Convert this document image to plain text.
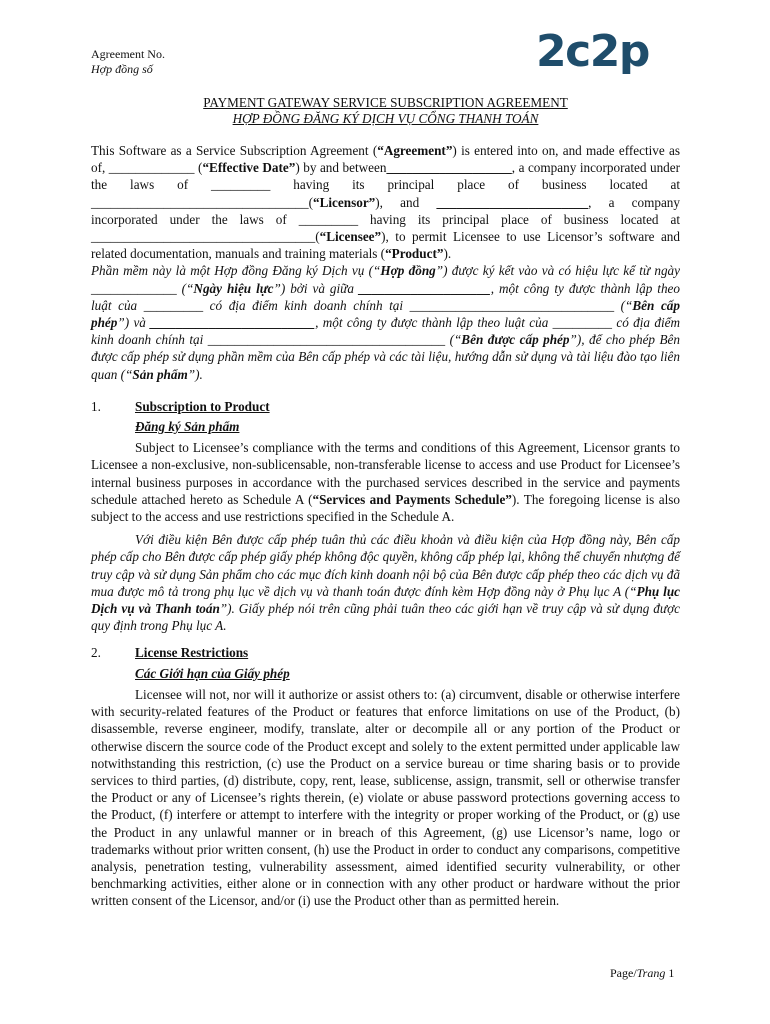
Agreement No.
Hợp đồng số	2c2p
PAYMENT GATEWAY SERVICE SUBSCRIPTION AGREEMENT
HỢP ĐỒNG ĐĂNG KÝ DỊCH VỤ CỔNG THANH TOÁN

This Software as a Service Subscription Agreement (“Agreement”) is entered into on, and made effective as of, _____________ (“Effective Date”) by and between___________________, a company incorporated under the laws of _________ having its principal place of business located at _________________________________(“Licensor”), and _______________________, a company incorporated under the laws of _________ having its principal place of business located at __________________________________(“Licensee”), to permit Licensee to use Licensor’s software and related documentation, manuals and training materials (“Product”).

Phần mềm này là một Hợp đồng Đăng ký Dịch vụ (“Hợp đồng”) được ký kết vào và có hiệu lực kể từ ngày _____________ (“Ngày hiệu lực”) bởi và giữa ____________________, một công ty được thành lập theo luật của _________ có địa điểm kinh doanh chính tại _______________________________ (“Bên cấp phép”) và _________________________, một công ty được thành lập theo luật của _________ có địa điểm kinh doanh chính tại ____________________________________ (“Bên được cấp phép”), để cho phép Bên được cấp phép sử dụng phần mềm của Bên cấp phép và các tài liệu, hướng dẫn sử dụng và tài liệu đào tạo liên quan (“Sản phẩm”).

1.	Subscription to Product
Đăng ký Sản phẩm

Subject to Licensee’s compliance with the terms and conditions of this Agreement, Licensor grants to Licensee a non-exclusive, non-sublicensable, non-transferable license to access and use Product for Licensee’s internal business purposes in accordance with the purchased services described in the service and payments schedule attached hereto as Schedule A (“Services and Payments Schedule”). The foregoing license is also subject to the access and use restrictions specified in the Schedule A.

Với điều kiện Bên được cấp phép tuân thủ các điều khoản và điều kiện của Hợp đồng này, Bên cấp phép cấp cho Bên được cấp phép giấy phép không độc quyền, không cấp phép lại, không thể chuyển nhượng để truy cập và sử dụng Sản phẩm cho các mục đích kinh doanh nội bộ của Bên được cấp phép theo các dịch vụ đã mua được mô tả trong phụ lục về dịch vụ và thanh toán được đính kèm Hợp đồng này ở Phụ lục A (“Phụ lục Dịch vụ và Thanh toán”). Giấy phép nói trên cũng phải tuân theo các giới hạn về truy cập và sử dụng được quy định trong Phụ lục A.

2.	License Restrictions
Các Giới hạn của Giấy phép

Licensee will not, nor will it authorize or assist others to: (a) circumvent, disable or otherwise interfere with security-related features of the Product or features that enforce limitations on use of the Product, (b) disassemble, reverse engineer, modify, translate, alter or decompile all or any portion of the Product or otherwise discern the source code of the Product except and solely to the extent permitted under applicable law notwithstanding this restriction, (c) use the Product on a service bureau or time sharing basis or to provide services to third parties, (d) distribute, copy, rent, lease, sublicense, assign, transmit, sell or otherwise transfer the Product or any of Licensee’s rights therein, (e) violate or abuse password protections governing access to the Product, (f) interfere or attempt to interfere with the integrity or proper working of the Product, or (g) use the Product in any unlawful manner or in breach of this Agreement, (g) use Licensor’s name, logo or trademarks without prior written consent, (h) use the Product in order to conduct any comparisons, competitive analysis, penetration testing, vulnerability assessment, aimed identified security vulnerability, or other benchmarking activities, either alone or in connection with any other product or hardware without the prior written consent of the Licensor, and/or (i) use the Product other than as permitted herein.

Page/Trang 1
